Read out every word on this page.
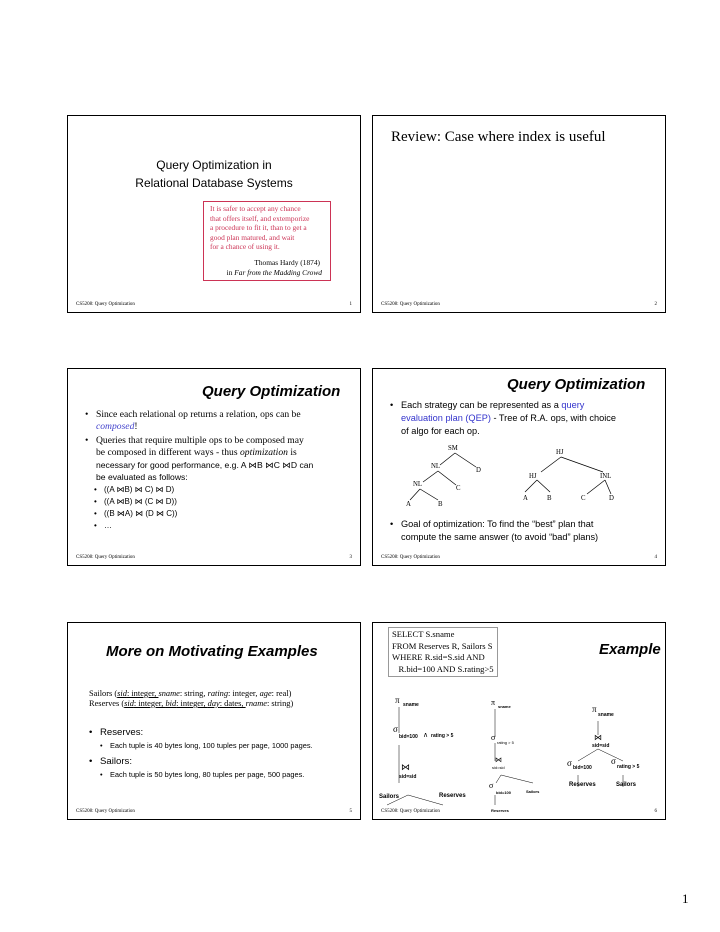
Query Optimization in
Relational Database Systems
It is safer to accept any chance
that offers itself, and extemporize
a procedure to fit it, than to get a
good plan matured, and wait
for a chance of using it.
Thomas Hardy (1874)
in Far from the Madding Crowd
CS5208: Query Optimization	1
Review: Case where index is useful
CS5208: Query Optimization	2
Query Optimization
• Since each relational op returns a relation, ops can be
composed!
• Queries that require multiple ops to be composed may
be composed in different ways - thus optimization is
necessary for good performance, e.g. A ⋈B ⋈C ⋈D can
be evaluated as follows:
• ((A ⋈B) ⋈ C) ⋈ D)
• ((A ⋈B) ⋈ (C ⋈ D))
• ((B ⋈A) ⋈ (D ⋈ C))
• …
CS5208: Query Optimization	3
Query Optimization
• Each strategy can be represented as a query
evaluation plan (QEP) - Tree of R.A. ops, with choice
of algo for each op.
SM
NL
D
NL
C
A	B
HJ
HJ	INL
A	B	C	D
• Goal of optimization: To find the “best” plan that
compute the same answer (to avoid “bad” plans)
CS5208: Query Optimization	4
More on Motivating Examples
Sailors (sid: integer, sname: string, rating: integer, age: real)
Reserves (sid: integer, bid: integer, day: dates, rname: string)
• Reserves:
• Each tuple is 40 bytes long, 100 tuples per page, 1000 pages.
• Sailors:
• Each tuple is 50 bytes long, 80 tuples per page, 500 pages.
CS5208: Query Optimization	5
SELECT S.sname
FROM Reserves R, Sailors S
WHERE R.sid=S.sid AND
R.bid=100 AND S.rating>5
Example
π sname
σ
bid=100 ∧ rating > 5
⋈
sid=sid
Sailors	Reserves
π sname
σ
rating > 5
⋈
sid=sid
σ
bid=100	Sailors
Reserves
π
sname
⋈
sid=sid
σ bid=100
σ
rating > 5
Reserves	Sailors
CS5208: Query Optimization	6
1
